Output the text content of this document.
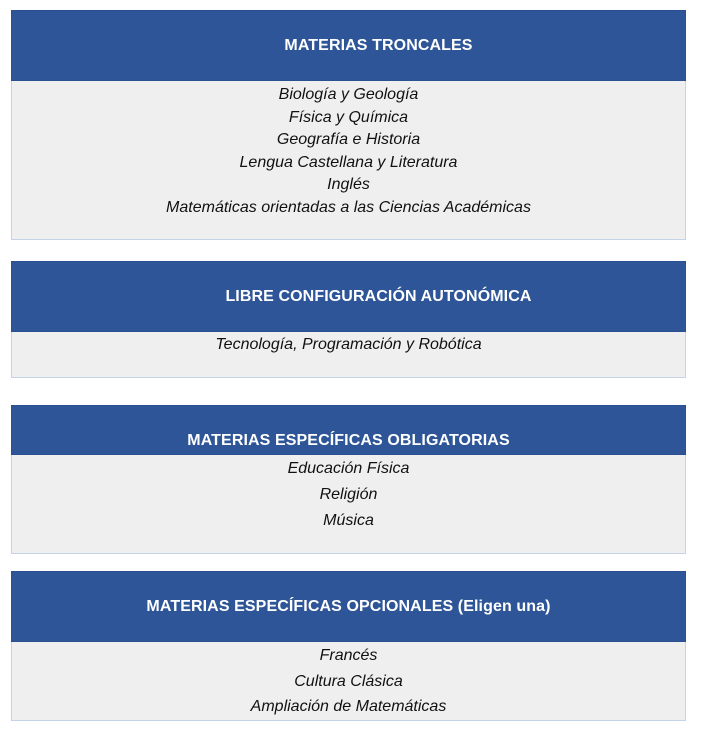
MATERIAS TRONCALES
Biología y Geología
Física y Química
Geografía e Historia
Lengua Castellana y Literatura
Inglés
Matemáticas orientadas a las Ciencias Académicas
LIBRE CONFIGURACIÓN AUTONÓMICA
Tecnología, Programación y Robótica
MATERIAS ESPECÍFICAS OBLIGATORIAS
Educación Física
Religión
Música
MATERIAS ESPECÍFICAS OPCIONALES (Eligen una)
Francés
Cultura Clásica
Ampliación de Matemáticas
